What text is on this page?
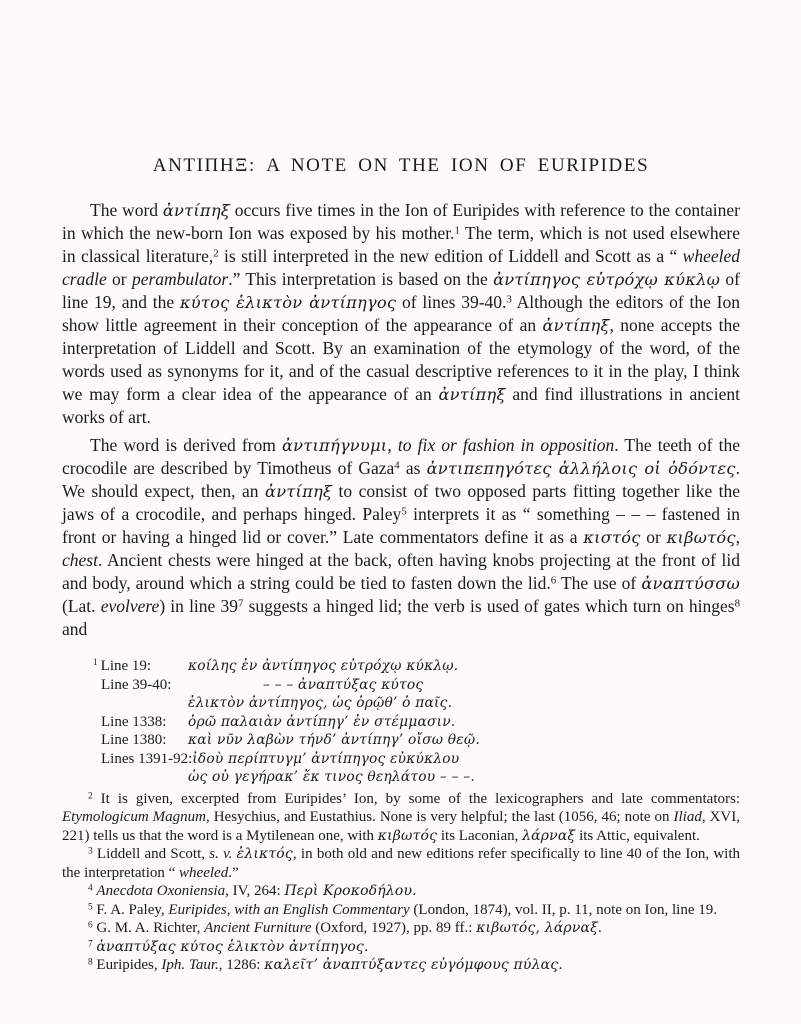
ΑΝΤΙΠΗΞ: A NOTE ON THE ION OF EURIPIDES

The word ἀντίπηξ occurs five times in the Ion of Euripides with reference to the container in which the new-born Ion was exposed by his mother.$^1$ The term, which is not used elsewhere in classical literature,$^2$ is still interpreted in the new edition of Liddell and Scott as a “ wheeled cradle or perambulator.” This interpretation is based on the ἀντίπηγος εὐτρόχῳ κύκλῳ of line 19, and the κύτος ἑλικτὸν ἀντίπηγος of lines 39-40.$^3$ Although the editors of the Ion show little agreement in their conception of the appearance of an ἀντίπηξ, none accepts the interpretation of Liddell and Scott. By an examination of the etymology of the word, of the words used as synonyms for it, and of the casual descriptive references to it in the play, I think we may form a clear idea of the appearance of an ἀντίπηξ and find illustrations in ancient works of art.

The word is derived from ἀντιπήγνυμι, to fix or fashion in opposition. The teeth of the crocodile are described by Timotheus of Gaza$^4$ as ἀντιπεπηγότες ἀλλήλοις οἱ ὀδόντες. We should expect, then, an ἀντίπηξ to consist of two opposed parts fitting together like the jaws of a crocodile, and perhaps hinged. Paley$^5$ interprets it as “ something – – – fastened in front or having a hinged lid or cover.” Late commentators define it as a κιστός or κιβωτός, chest. Ancient chests were hinged at the back, often having knobs projecting at the front of lid and body, around which a string could be tied to fasten down the lid.$^6$ The use of ἀναπτύσσω (Lat. evolvere) in line 39$^7$ suggests a hinged lid; the verb is used of gates which turn on hinges$^8$ and

$^1$ Line 19:	κοίλης ἐν ἀντίπηγος εὐτρόχῳ κύκλῳ.
Line 39-40:	– – – ἀναπτύξας κύτος
ἑλικτὸν ἀντίπηγος, ὡς ὁρῷθ’ ὁ παῖς.
Line 1338:	ὁρῶ παλαιὰν ἀντίπηγ’ ἐν στέμμασιν.
Line 1380:	καὶ νῦν λαβὼν τήνδ’ ἀντίπηγ’ οἴσω θεῷ.
Lines 1391-92: ἰδοὺ περίπτυγμ’ ἀντίπηγος εὐκύκλου
ὡς οὐ γεγήρακ’ ἔκ τινος θεηλάτου – – –.

$^2$ It is given, excerpted from Euripides’ Ion, by some of the lexicographers and late commentators: Etymologicum Magnum, Hesychius, and Eustathius. None is very helpful; the last (1056, 46; note on Iliad, XVI, 221) tells us that the word is a Mytilenean one, with κιβωτός its Laconian, λάρναξ its Attic, equivalent.

$^3$ Liddell and Scott, s. v. ἑλικτός, in both old and new editions refer specifically to line 40 of the Ion, with the interpretation “ wheeled.”

$^4$ Anecdota Oxoniensia, IV, 264: Περὶ Κροκοδήλου.

$^5$ F. A. Paley, Euripides, with an English Commentary (London, 1874), vol. II, p. 11, note on Ion, line 19.

$^6$ G. M. A. Richter, Ancient Furniture (Oxford, 1927), pp. 89 ff.: κιβωτός, λάρναξ.

$^7$ ἀναπτύξας κύτος ἑλικτὸν ἀντίπηγος.

$^8$ Euripides, Iph. Taur., 1286: καλεῖτ’ ἀναπτύξαντες εὐγόμφους πύλας.
